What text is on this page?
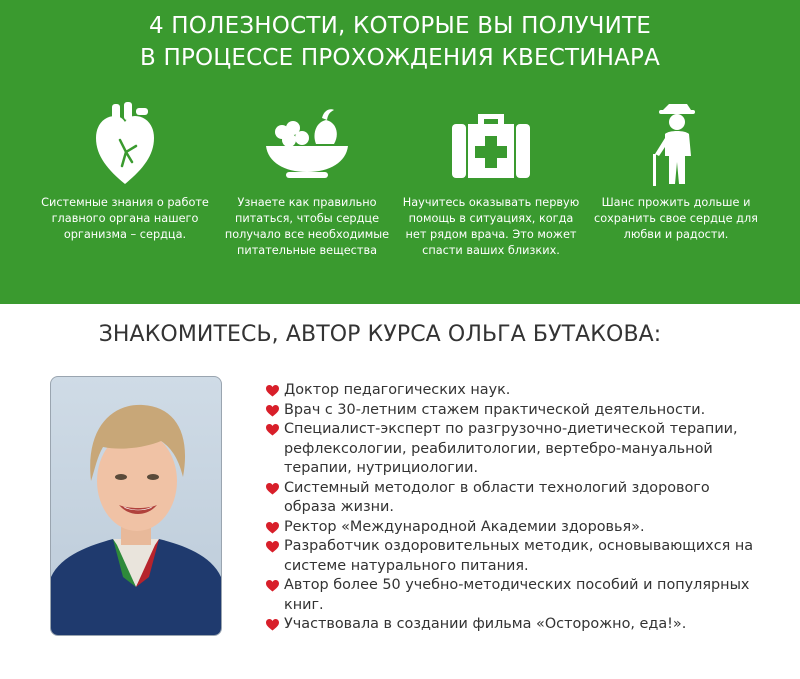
4 ПОЛЕЗНОСТИ, КОТОРЫЕ ВЫ ПОЛУЧИТЕ
В ПРОЦЕССЕ ПРОХОЖДЕНИЯ КВЕСТИНАРА
Системные знания о работе главного органа нашего организма – сердца.
Узнаете как правильно питаться, чтобы сердце получало все необходимые питательные вещества
Научитесь оказывать первую помощь в ситуациях, когда нет рядом врача. Это может спасти ваших близких.
Шанс прожить дольше и сохранить свое сердце для любви и радости.
ЗНАКОМИТЕСЬ, АВТОР КУРСА ОЛЬГА БУТАКОВА:
Доктор педагогических наук.
Врач с 30-летним стажем практической деятельности.
Специалист-эксперт по разгрузочно-диетической терапии, рефлексологии, реабилитологии, вертебро-мануальной терапии, нутрициологии.
Системный методолог в области технологий здорового образа жизни.
Ректор «Международной Академии здоровья».
Разработчик оздоровительных методик, основывающихся на системе натурального питания.
Автор более 50 учебно-методических пособий и популярных книг.
Участвовала в создании фильма «Осторожно, еда!».
